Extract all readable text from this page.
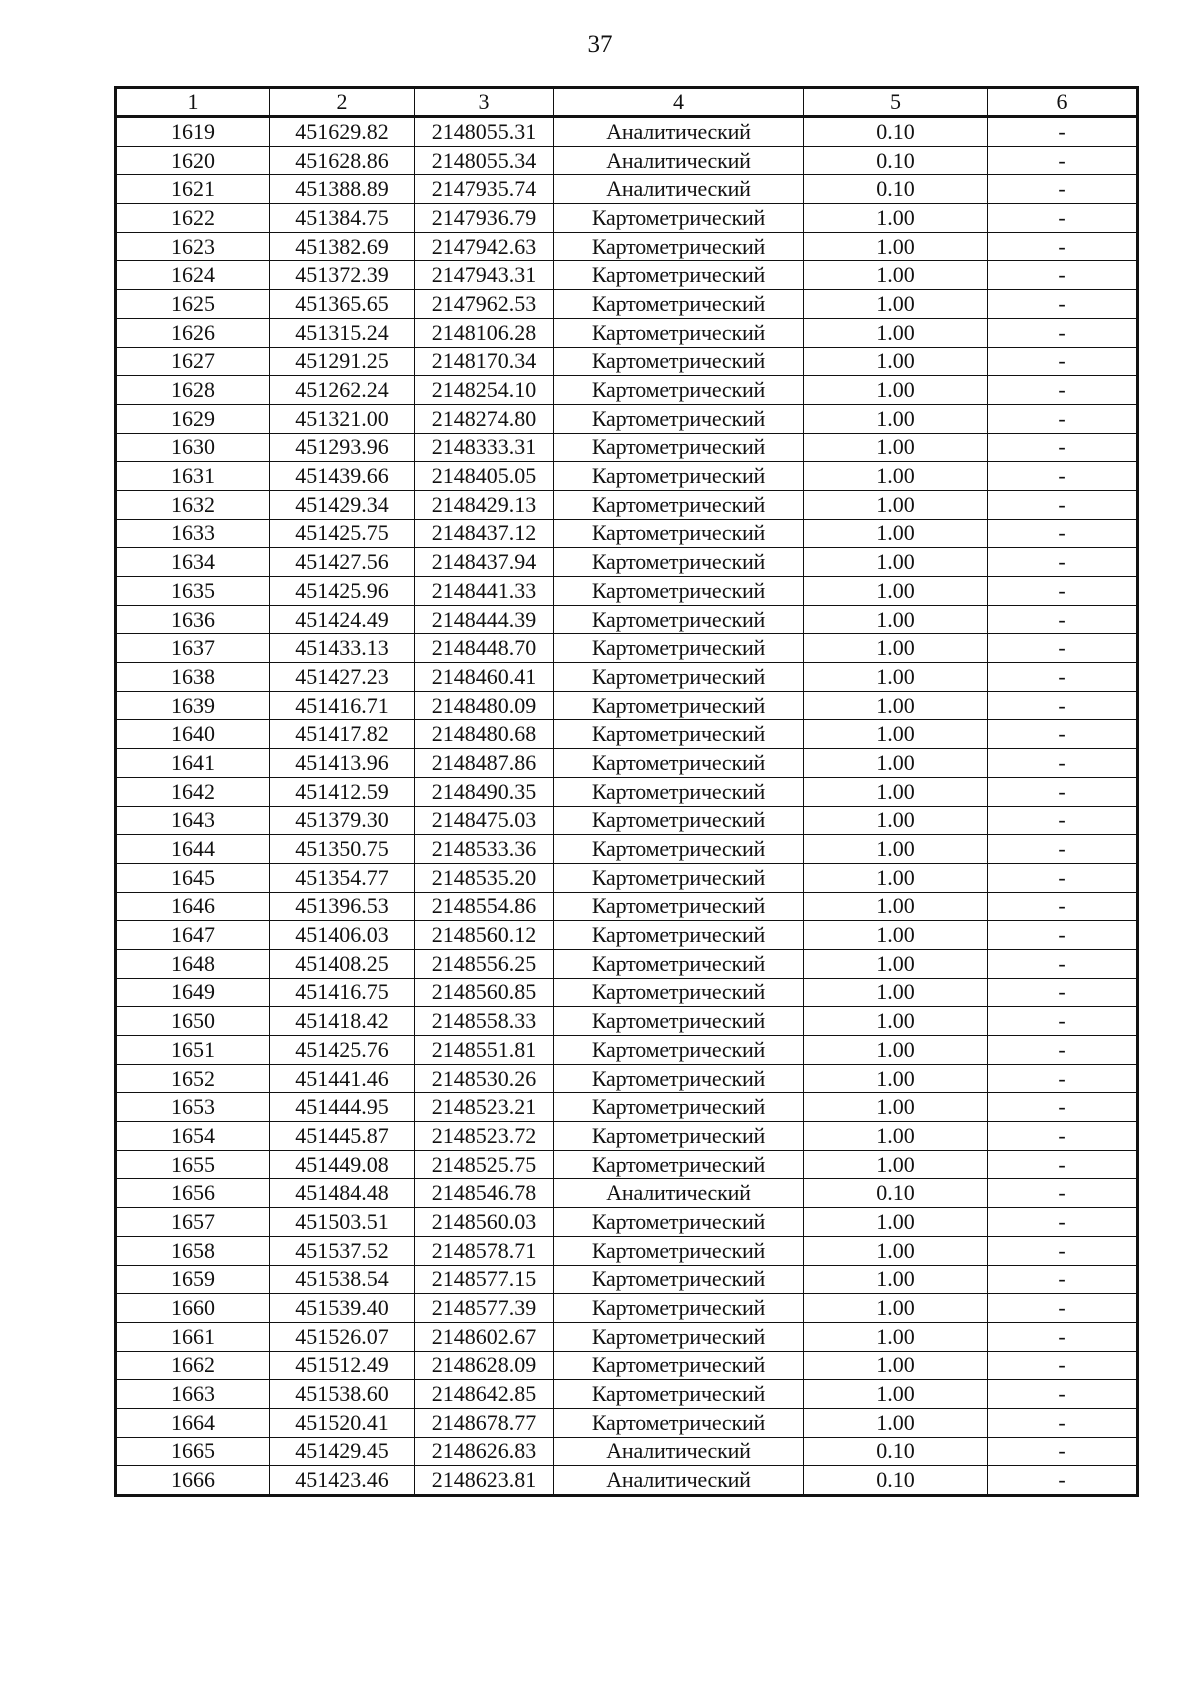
37
1	2	3	4	5	6
1619	451629.82	2148055.31	Аналитический	0.10	-
1620	451628.86	2148055.34	Аналитический	0.10	-
1621	451388.89	2147935.74	Аналитический	0.10	-
1622	451384.75	2147936.79	Картометрический	1.00	-
1623	451382.69	2147942.63	Картометрический	1.00	-
1624	451372.39	2147943.31	Картометрический	1.00	-
1625	451365.65	2147962.53	Картометрический	1.00	-
1626	451315.24	2148106.28	Картометрический	1.00	-
1627	451291.25	2148170.34	Картометрический	1.00	-
1628	451262.24	2148254.10	Картометрический	1.00	-
1629	451321.00	2148274.80	Картометрический	1.00	-
1630	451293.96	2148333.31	Картометрический	1.00	-
1631	451439.66	2148405.05	Картометрический	1.00	-
1632	451429.34	2148429.13	Картометрический	1.00	-
1633	451425.75	2148437.12	Картометрический	1.00	-
1634	451427.56	2148437.94	Картометрический	1.00	-
1635	451425.96	2148441.33	Картометрический	1.00	-
1636	451424.49	2148444.39	Картометрический	1.00	-
1637	451433.13	2148448.70	Картометрический	1.00	-
1638	451427.23	2148460.41	Картометрический	1.00	-
1639	451416.71	2148480.09	Картометрический	1.00	-
1640	451417.82	2148480.68	Картометрический	1.00	-
1641	451413.96	2148487.86	Картометрический	1.00	-
1642	451412.59	2148490.35	Картометрический	1.00	-
1643	451379.30	2148475.03	Картометрический	1.00	-
1644	451350.75	2148533.36	Картометрический	1.00	-
1645	451354.77	2148535.20	Картометрический	1.00	-
1646	451396.53	2148554.86	Картометрический	1.00	-
1647	451406.03	2148560.12	Картометрический	1.00	-
1648	451408.25	2148556.25	Картометрический	1.00	-
1649	451416.75	2148560.85	Картометрический	1.00	-
1650	451418.42	2148558.33	Картометрический	1.00	-
1651	451425.76	2148551.81	Картометрический	1.00	-
1652	451441.46	2148530.26	Картометрический	1.00	-
1653	451444.95	2148523.21	Картометрический	1.00	-
1654	451445.87	2148523.72	Картометрический	1.00	-
1655	451449.08	2148525.75	Картометрический	1.00	-
1656	451484.48	2148546.78	Аналитический	0.10	-
1657	451503.51	2148560.03	Картометрический	1.00	-
1658	451537.52	2148578.71	Картометрический	1.00	-
1659	451538.54	2148577.15	Картометрический	1.00	-
1660	451539.40	2148577.39	Картометрический	1.00	-
1661	451526.07	2148602.67	Картометрический	1.00	-
1662	451512.49	2148628.09	Картометрический	1.00	-
1663	451538.60	2148642.85	Картометрический	1.00	-
1664	451520.41	2148678.77	Картометрический	1.00	-
1665	451429.45	2148626.83	Аналитический	0.10	-
1666	451423.46	2148623.81	Аналитический	0.10	-
